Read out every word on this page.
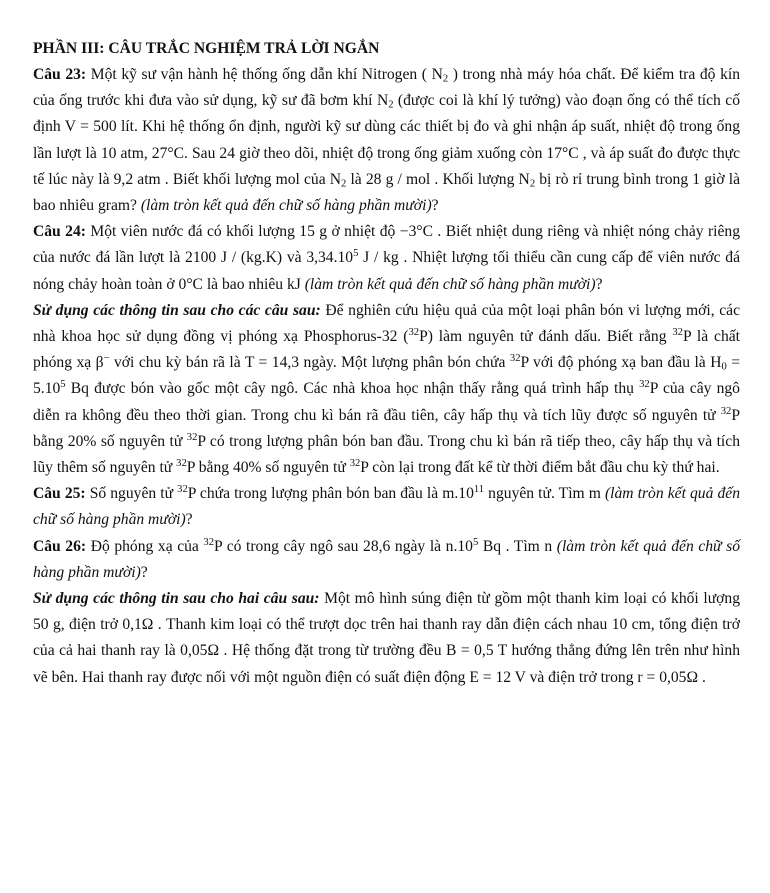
PHẦN III: CÂU TRẮC NGHIỆM TRẢ LỜI NGẮN

Câu 23: Một kỹ sư vận hành hệ thống ống dẫn khí Nitrogen ( $N_2$ ) trong nhà máy hóa chất. Để kiểm tra độ kín của ống trước khi đưa vào sử dụng, kỹ sư đã bơm khí $N_2$ (được coi là khí lý tưởng) vào đoạn ống có thể tích cố định V = 500 lít. Khi hệ thống ổn định, người kỹ sư dùng các thiết bị đo và ghi nhận áp suất, nhiệt độ trong ống lần lượt là 10 atm, 27°C. Sau 24 giờ theo dõi, nhiệt độ trong ống giảm xuống còn 17°C , và áp suất đo được thực tế lúc này là 9,2 atm . Biết khối lượng mol của $N_2$ là 28 g / mol . Khối lượng $N_2$ bị rò rỉ trung bình trong 1 giờ là bao nhiêu gram? (làm tròn kết quả đến chữ số hàng phần mười)?

Câu 24: Một viên nước đá có khối lượng 15 g ở nhiệt độ −3°C . Biết nhiệt dung riêng và nhiệt nóng chảy riêng của nước đá lần lượt là 2100 J / (kg.K) và 3,34.10$^5$ J / kg . Nhiệt lượng tối thiểu cần cung cấp để viên nước đá nóng chảy hoàn toàn ở 0°C là bao nhiêu kJ (làm tròn kết quả đến chữ số hàng phần mười)?

Sử dụng các thông tin sau cho các câu sau: Để nghiên cứu hiệu quả của một loại phân bón vi lượng mới, các nhà khoa học sử dụng đồng vị phóng xạ Phosphorus-32 ($^{32}$P) làm nguyên tử đánh dấu. Biết rằng $^{32}$P là chất phóng xạ β− với chu kỳ bán rã là T = 14,3 ngày. Một lượng phân bón chứa $^{32}$P với độ phóng xạ ban đầu là $H_0 = 5.10^5$ Bq được bón vào gốc một cây ngô. Các nhà khoa học nhận thấy rằng quá trình hấp thụ $^{32}$P của cây ngô diễn ra không đều theo thời gian. Trong chu kì bán rã đầu tiên, cây hấp thụ và tích lũy được số nguyên tử $^{32}$P bằng 20% số nguyên tử $^{32}$P có trong lượng phân bón ban đầu. Trong chu kì bán rã tiếp theo, cây hấp thụ và tích lũy thêm số nguyên tử $^{32}$P bằng 40% số nguyên tử $^{32}$P còn lại trong đất kể từ thời điểm bắt đầu chu kỳ thứ hai.

Câu 25: Số nguyên tử $^{32}$P chứa trong lượng phân bón ban đầu là $m.10^{11}$ nguyên tử. Tìm m (làm tròn kết quả đến chữ số hàng phần mười)?

Câu 26: Độ phóng xạ của $^{32}$P có trong cây ngô sau 28,6 ngày là $n.10^5$ Bq . Tìm n (làm tròn kết quả đến chữ số hàng phần mười)?

Sử dụng các thông tin sau cho hai câu sau: Một mô hình súng điện từ gồm một thanh kim loại có khối lượng 50 g, điện trở 0,1Ω . Thanh kim loại có thể trượt dọc trên hai thanh ray dẫn điện cách nhau 10 cm, tổng điện trở của cả hai thanh ray là 0,05Ω . Hệ thống đặt trong từ trường đều B = 0,5 T hướng thẳng đứng lên trên như hình vẽ bên. Hai thanh ray được nối với một nguồn điện có suất điện động E = 12 V và điện trở trong r = 0,05Ω .
